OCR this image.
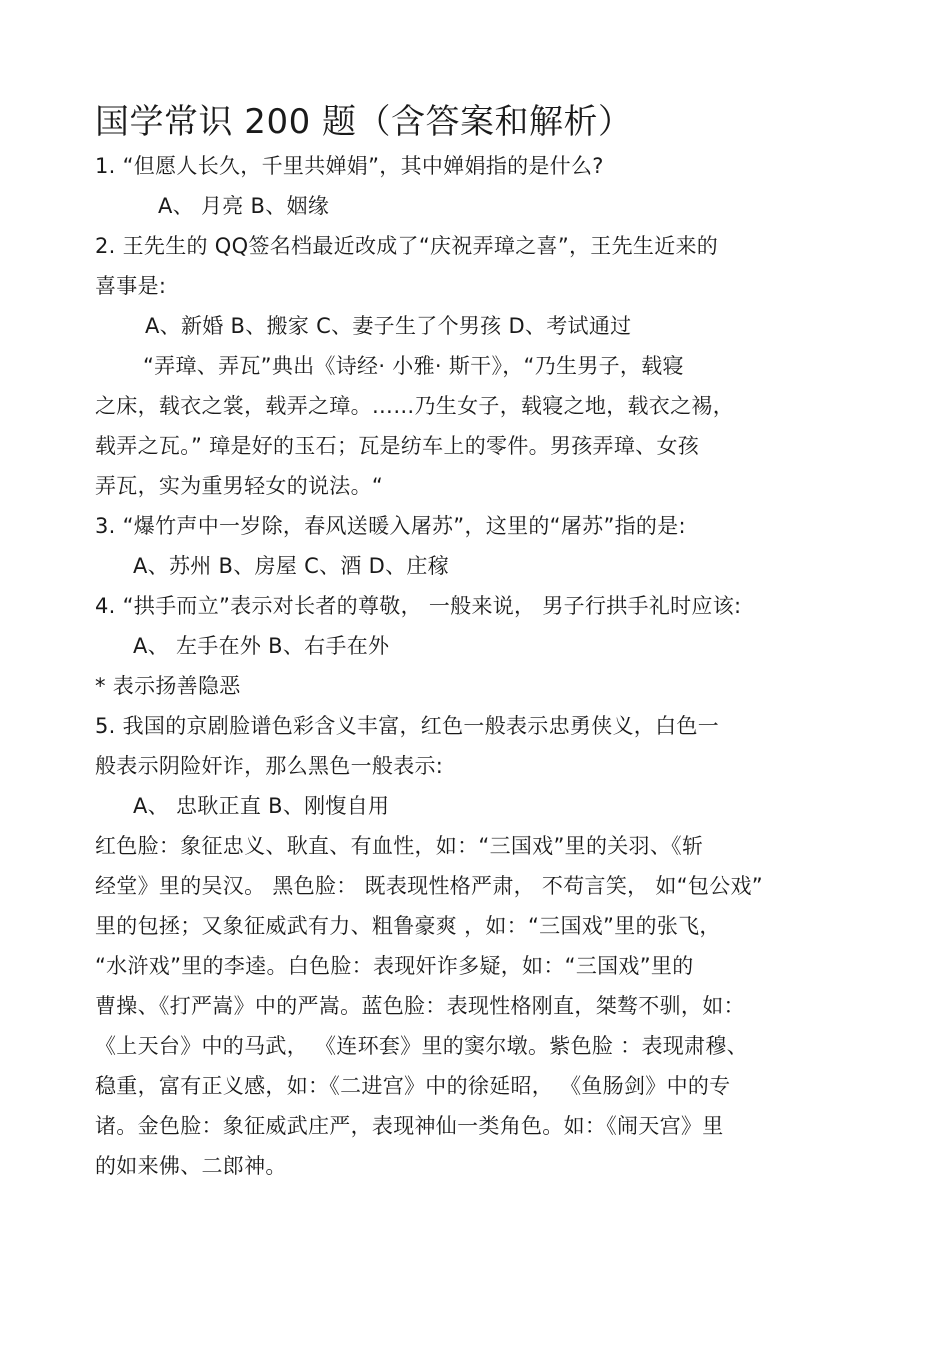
国学常识 200 题（含答案和解析）
1. “但愿人长久，千里共婵娟”，其中婵娟指的是什么?
A、 月亮 B、姻缘
2. 王先生的 QQ签名档最近改成了“庆祝弄璋之喜”，王先生近来的
喜事是:
A、新婚 B、搬家 C、妻子生了个男孩 D、考试通过
“弄璋、弄瓦”典出《诗经· 小雅· 斯干》，“乃生男子，载寝
之床，载衣之裳，载弄之璋。……乃生女子，载寝之地，载衣之裼，
载弄之瓦。” 璋是好的玉石；瓦是纺车上的零件。男孩弄璋、女孩
弄瓦，实为重男轻女的说法。“
3. “爆竹声中一岁除，春风送暖入屠苏”，这里的“屠苏”指的是:
A、苏州 B、房屋 C、酒 D、庄稼
4. “拱手而立”表示对长者的尊敬， 一般来说， 男子行拱手礼时应该:
A、 左手在外 B、右手在外
* 表示扬善隐恶
5. 我国的京剧脸谱色彩含义丰富，红色一般表示忠勇侠义，白色一
般表示阴险奸诈，那么黑色一般表示:
A、 忠耿正直 B、刚愎自用
红色脸：象征忠义、耿直、有血性，如：“三国戏”里的关羽、《斩
经堂》里的吴汉。 黑色脸： 既表现性格严肃， 不苟言笑， 如“包公戏”
里的包拯；又象征威武有力、粗鲁豪爽 ，如：“三国戏”里的张飞，
“水浒戏”里的李逵。白色脸：表现奸诈多疑，如：“三国戏”里的
曹操、《打严嵩》中的严嵩。蓝色脸：表现性格刚直，桀骜不驯，如：
《上天台》中的马武， 《连环套》里的窦尔墩。紫色脸 ：表现肃穆、
稳重，富有正义感，如：《二进宫》中的徐延昭， 《鱼肠剑》中的专
诸。金色脸：象征威武庄严，表现神仙一类角色。如：《闹天宫》里
的如来佛、二郎神。
